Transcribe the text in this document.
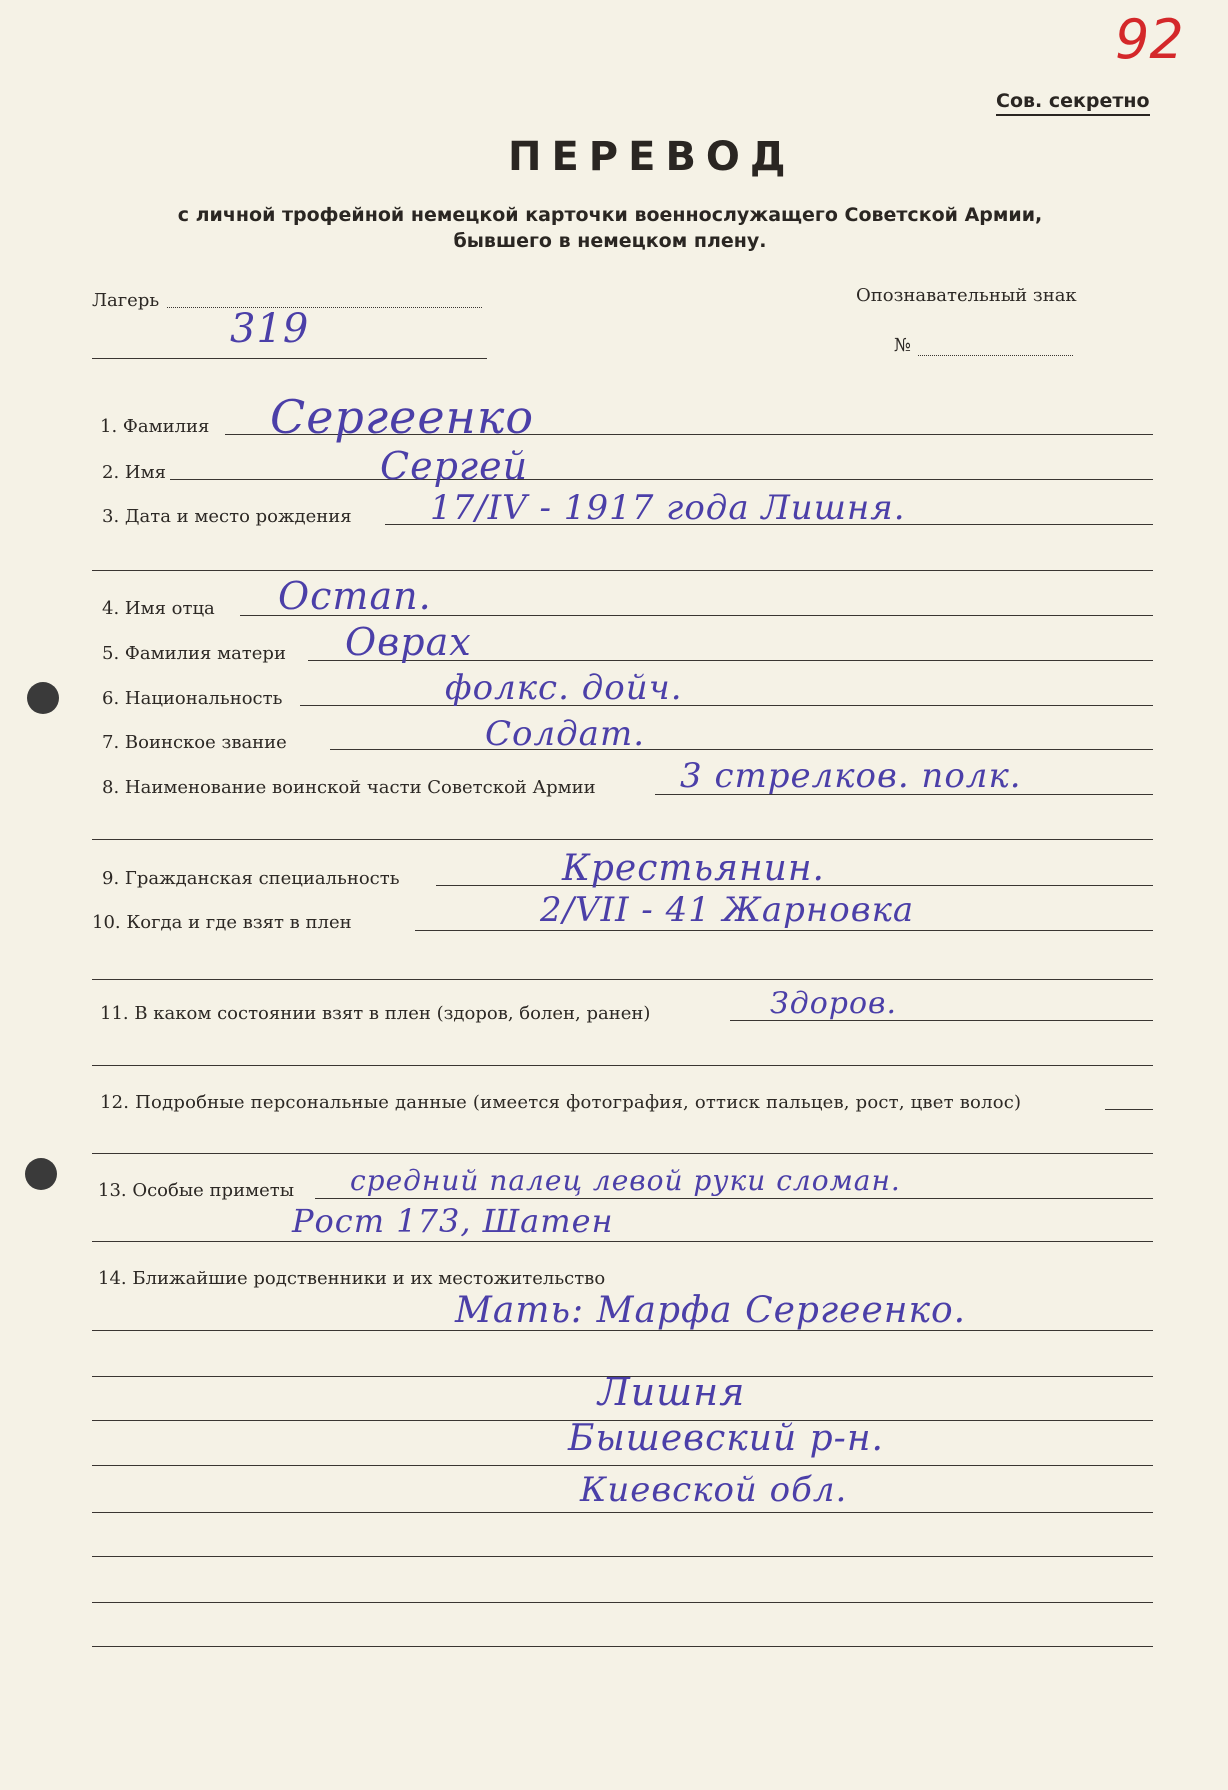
92
Сов. секретно
ПЕРЕВОД
с личной трофейной немецкой карточки военнослужащего Советской Армии,
бывшего в немецком плену.
Лагерь
319
Опознавательный знак
№
1. Фамилия Сергеенко
2. Имя	Сергей
3. Дата и место рождения 17/IV - 1917 года Лишня.
4. Имя отца Остап.
5. Фамилия матери Оврах
6. Национальность	фолкс. дойч.
7. Воинское звание	Солдат.
8. Наименование воинской части Советской Армии 3 стрелков. полк.
9. Гражданская специальность	Крестьянин.
10. Когда и где взят в плен	2/VII - 41 Жарновка
11. В каком состоянии взят в плен (здоров, болен, ранен)	Здоров.
12. Подробные персональные данные (имеется фотография, оттиск пальцев, рост, цвет волос)
13. Особые приметы средний палец левой руки сломан.
Рост 173, Шатен
14. Ближайшие родственники и их местожительство
Мать: Марфа Сергеенко.
Лишня
Бышевский р-н.
Киевской обл.
